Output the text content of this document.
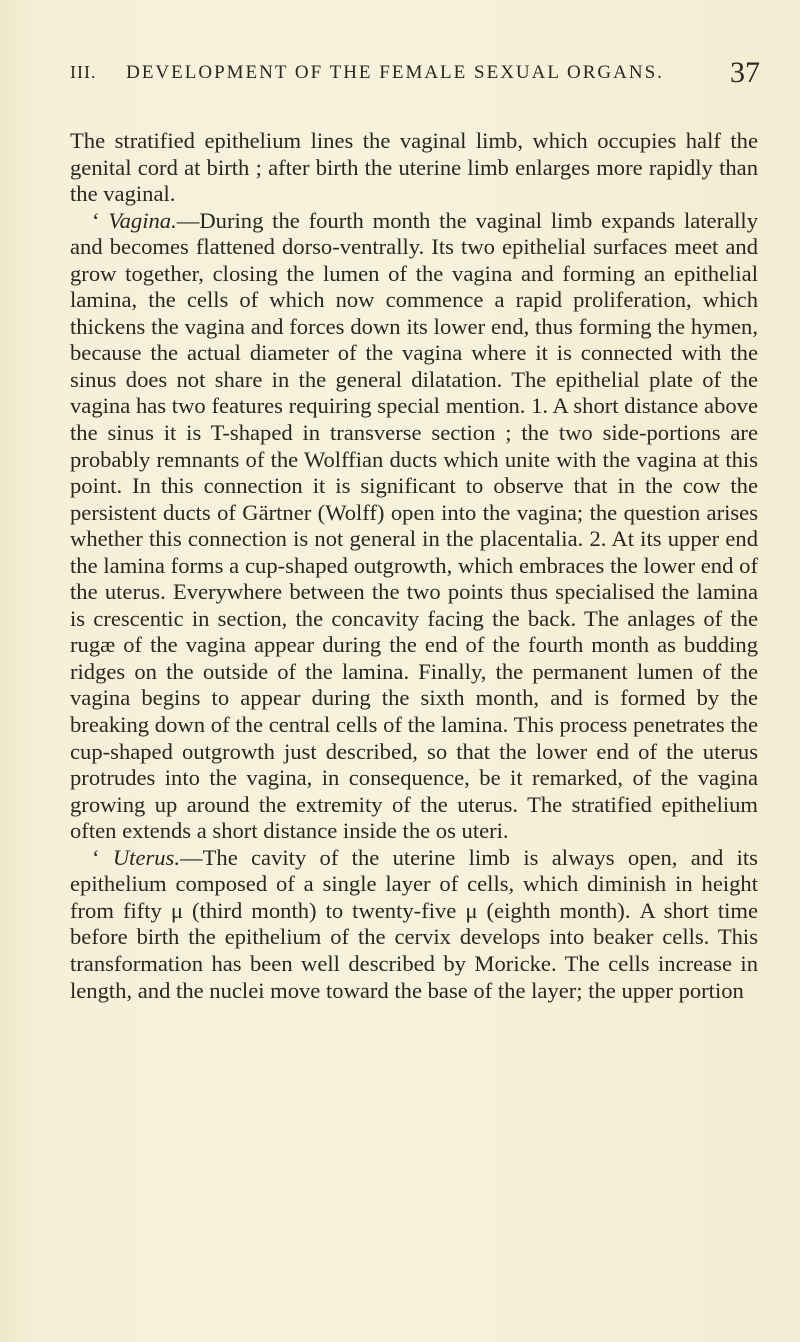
III.	DEVELOPMENT OF THE FEMALE SEXUAL ORGANS.	37

The stratified epithelium lines the vaginal limb, which occupies half the genital cord at birth ; after birth the uterine limb enlarges more rapidly than the vaginal.

‘ Vagina.—During the fourth month the vaginal limb expands laterally and becomes flattened dorso-ventrally. Its two epithelial surfaces meet and grow together, closing the lumen of the vagina and forming an epithelial lamina, the cells of which now commence a rapid proliferation, which thickens the vagina and forces down its lower end, thus forming the hymen, because the actual diameter of the vagina where it is connected with the sinus does not share in the general dilatation. The epithelial plate of the vagina has two features requiring special mention. 1. A short distance above the sinus it is T-shaped in transverse section ; the two side-portions are probably remnants of the Wolffian ducts which unite with the vagina at this point. In this connection it is significant to observe that in the cow the persistent ducts of Gärtner (Wolff) open into the vagina; the question arises whether this connection is not general in the placentalia. 2. At its upper end the lamina forms a cup-shaped outgrowth, which embraces the lower end of the uterus. Everywhere between the two points thus specialised the lamina is crescentic in section, the concavity facing the back. The anlages of the rugæ of the vagina appear during the end of the fourth month as budding ridges on the outside of the lamina. Finally, the permanent lumen of the vagina begins to appear during the sixth month, and is formed by the breaking down of the central cells of the lamina. This process penetrates the cup-shaped outgrowth just described, so that the lower end of the uterus protrudes into the vagina, in consequence, be it remarked, of the vagina growing up around the extremity of the uterus. The stratified epithelium often extends a short distance inside the os uteri.

‘ Uterus.—The cavity of the uterine limb is always open, and its epithelium composed of a single layer of cells, which diminish in height from fifty μ (third month) to twenty-five μ (eighth month). A short time before birth the epithelium of the cervix develops into beaker cells. This transformation has been well described by Moricke. The cells increase in length, and the nuclei move toward the base of the layer; the upper portion
